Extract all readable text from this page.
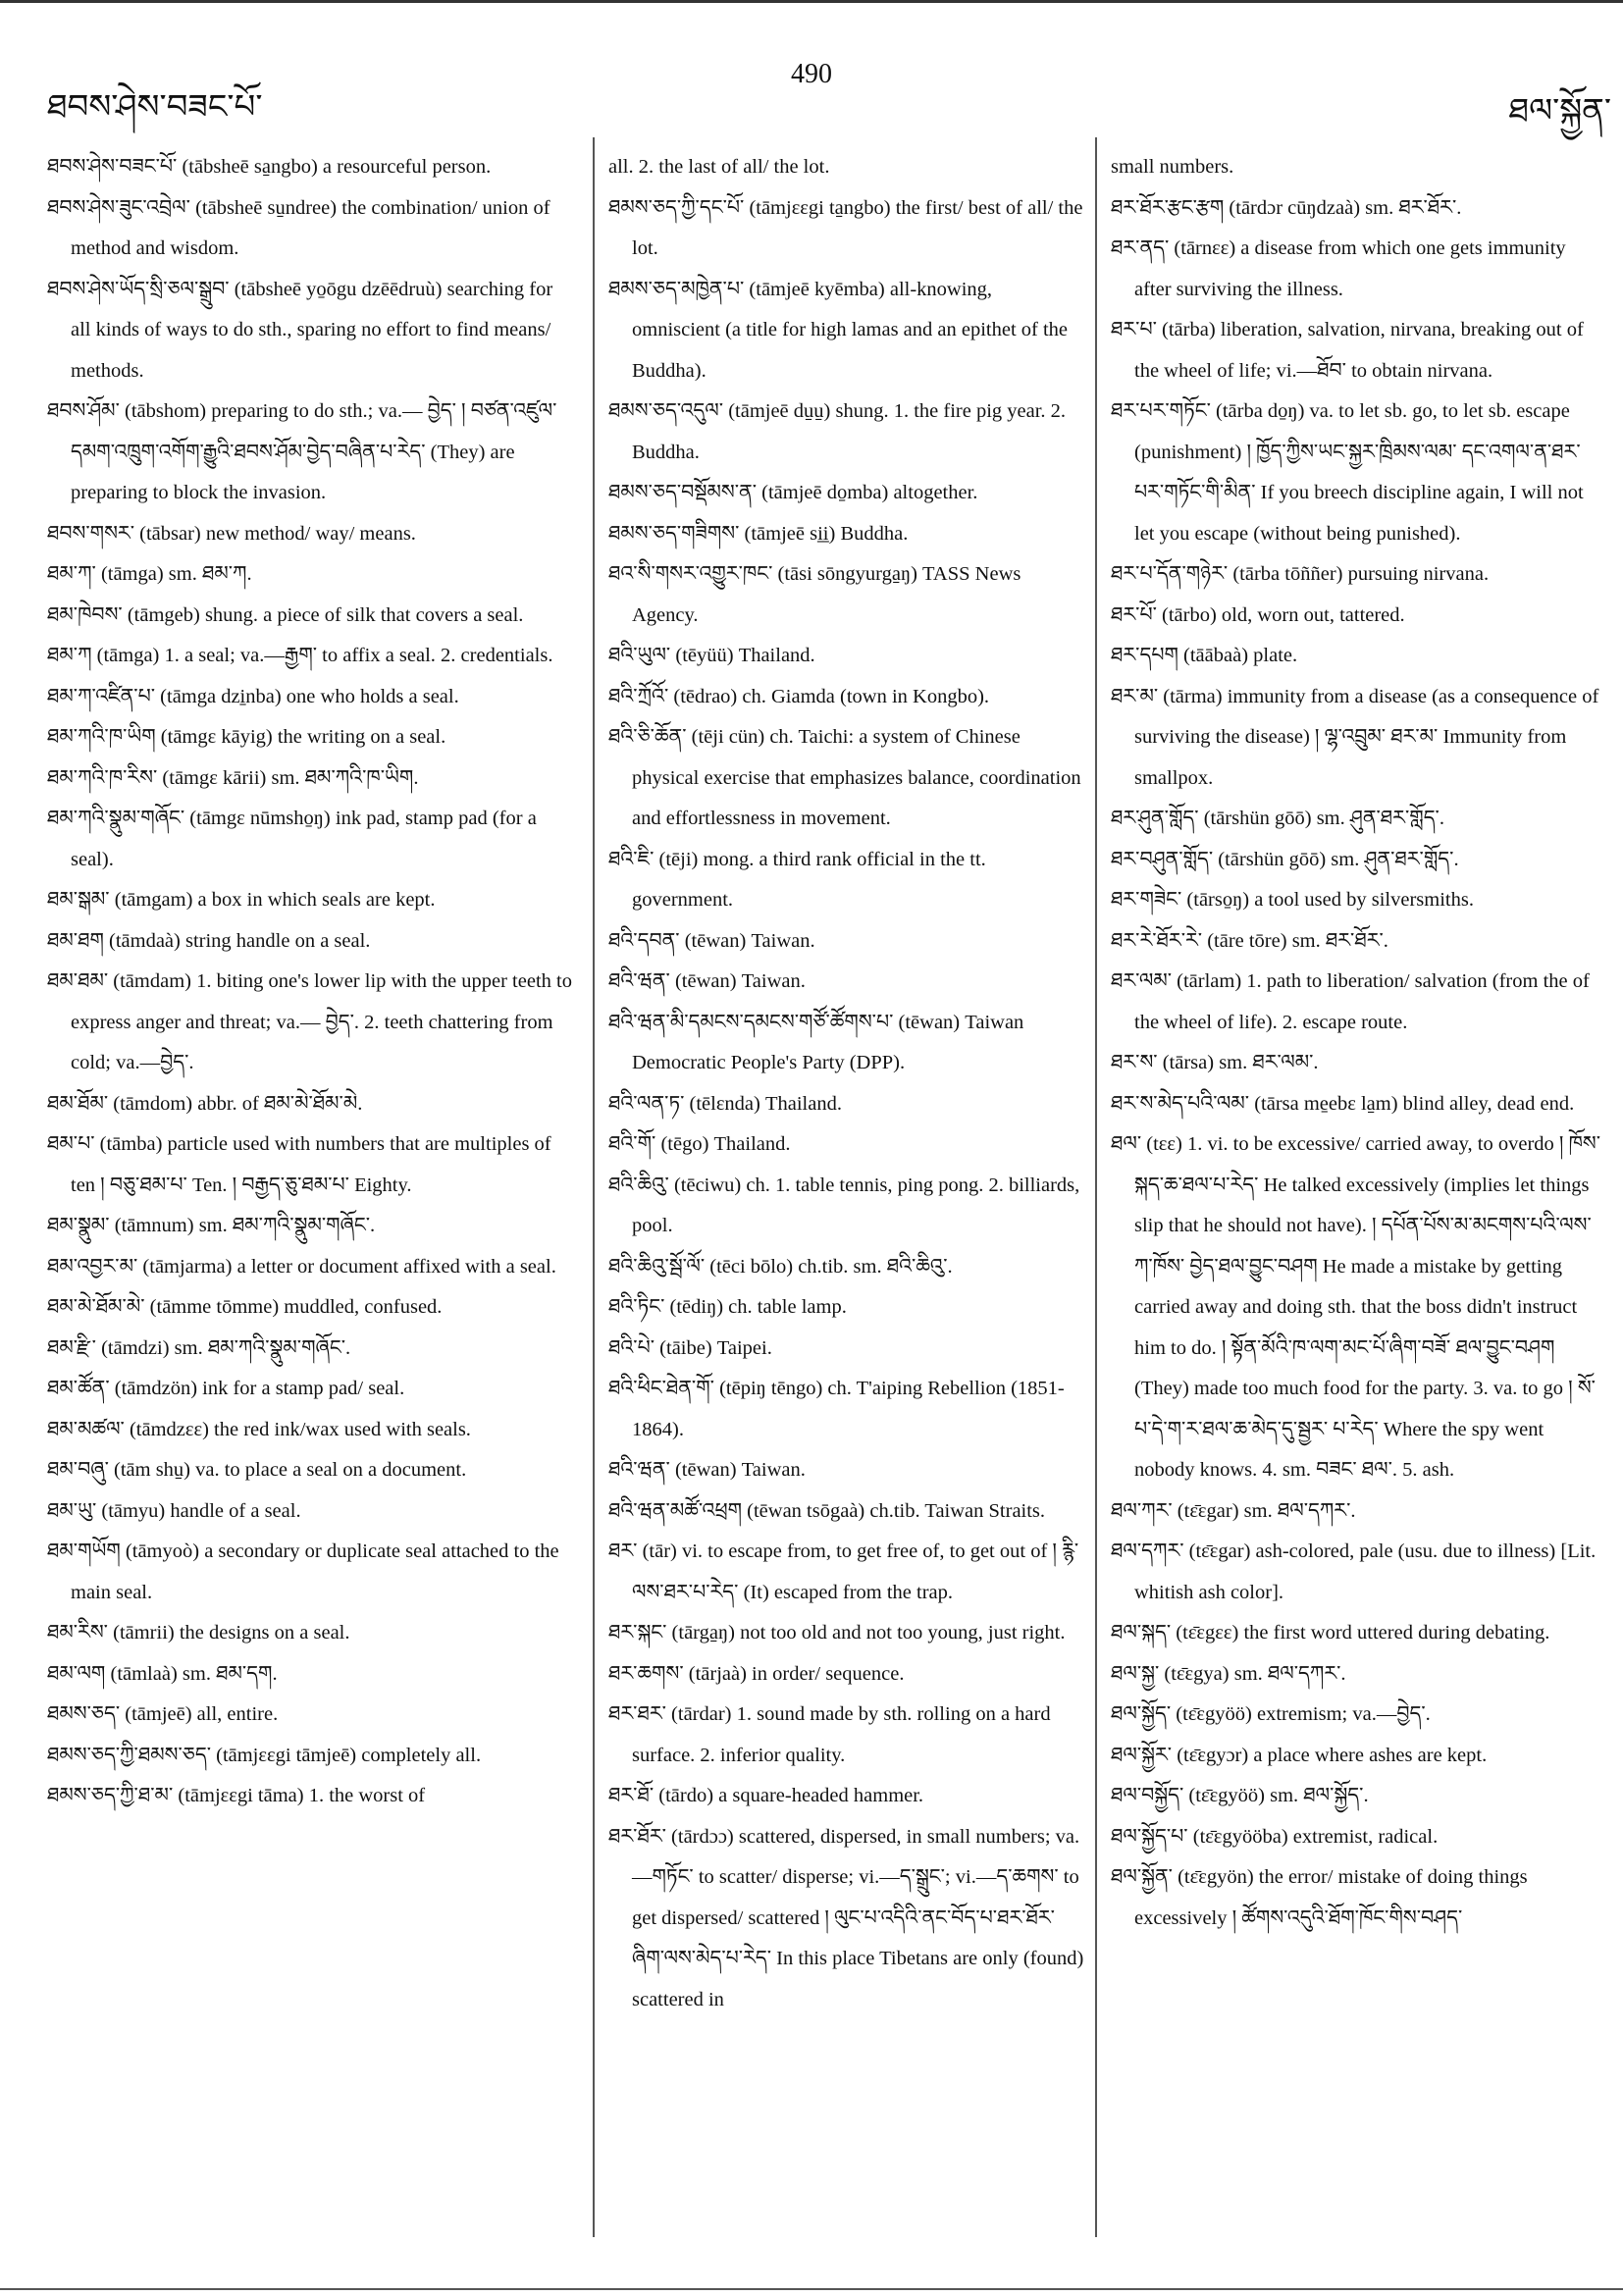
ཐབས་ཤེས་བཟང་པོ་
490
ཐལ་སྐྱོན་

ཐབས་ཤེས་བཟང་པོ་ (tābsheē sa̱ngbo) a resourceful person.

ཐབས་ཤེས་ཟུང་འབྲེལ་ (tābsheē su̱ndree) the combination/ union of method and wisdom.

ཐབས་ཤེས་ཡོད་སྲི་ཅལ་སྒྲུབ་ (tābsheē yo̱ōgu dzēēdruù) searching for all kinds of ways to do sth., sparing no effort to find means/ methods.

ཐབས་ཤོམ་ (tābshom) preparing to do sth.; va.— བྱེད་ ། བཙན་འཛུལ་དམག་འཁྲུག་འགོག་རྒྱུའི་ཐབས་ཤོམ་བྱེད་བཞིན་པ་རེད་ (They) are preparing to block the invasion.

ཐབས་གསར་ (tābsar) new method/ way/ means.

ཐམ་ཀ་ (tāmga) sm. ཐམ་ཀ.

ཐམ་ཁེབས་ (tāmgeb) shung. a piece of silk that covers a seal.

ཐམ་ཀ (tāmga) 1. a seal; va.—རྒྱག་ to affix a seal. 2. credentials.

ཐམ་ཀ་འཛིན་པ་ (tāmga dzi̱nba) one who holds a seal.

ཐམ་ཀའི་ཁ་ཡིག (tāmgɛ kāyig) the writing on a seal.

ཐམ་ཀའི་ཁ་རིས་ (tāmgɛ kārii) sm. ཐམ་ཀའི་ཁ་ཡིག.

ཐམ་ཀའི་སྣུམ་གཞོང་ (tāmgɛ nūmsho̱ŋ) ink pad, stamp pad (for a seal).

ཐམ་སྒམ་ (tāmgam) a box in which seals are kept.

ཐམ་ཐག (tāmdaà) string handle on a seal.

ཐམ་ཐམ་ (tāmdam) 1. biting one's lower lip with the upper teeth to express anger and threat; va.— བྱེད་. 2. teeth chattering from cold; va.—བྱེད་.

ཐམ་ཐོམ་ (tāmdom) abbr. of ཐམ་མེ་ཐོམ་མེ.

ཐམ་པ་ (tāmba) particle used with numbers that are multiples of ten ། བཅུ་ཐམ་པ་ Ten. ། བརྒྱད་ཅུ་ཐམ་པ་ Eighty.

ཐམ་སྣུམ་ (tāmnum) sm. ཐམ་ཀའི་སྣུམ་གཞོང་.

ཐམ་འབྱར་མ་ (tāmjarma) a letter or document affixed with a seal.

ཐམ་མེ་ཐོམ་མེ་ (tāmme tōmme) muddled, confused.

ཐམ་རྫི་ (tāmdzi) sm. ཐམ་ཀའི་སྣུམ་གཞོང་.

ཐམ་ཚོན་ (tāmdzön) ink for a stamp pad/ seal.

ཐམ་མཚལ་ (tāmdzɛɛ) the red ink/wax used with seals.

ཐམ་བཞུ་ (tām shu̱) va. to place a seal on a document.

ཐམ་ཡུ་ (tāmyu) handle of a seal.

ཐམ་གཡོག (tāmyoò) a secondary or duplicate seal attached to the main seal.

ཐམ་རིས་ (tāmrii) the designs on a seal.

ཐམ་ལག (tāmlaà) sm. ཐམ་དག.

ཐམས་ཅད་ (tāmjeē) all, entire.

ཐམས་ཅད་ཀྱི་ཐམས་ཅད་ (tāmjɛɛgi tāmjeē) completely all.

ཐམས་ཅད་ཀྱི་ཐ་མ་ (tāmjɛɛgi tāma) 1. the worst of

all. 2. the last of all/ the lot.

ཐམས་ཅད་ཀྱི་དང་པོ་ (tāmjɛɛgi ta̱ngbo) the first/ best of all/ the lot.

ཐམས་ཅད་མཁྱེན་པ་ (tāmjeē kyēmba) all-knowing, omniscient (a title for high lamas and an epithet of the Buddha).

ཐམས་ཅད་འདུལ་ (tāmjeē du̱u̱) shung. 1. the fire pig year. 2. Buddha.

ཐམས་ཅད་བསྡོམས་ན་ (tāmjeē do̱mba) altogether.

ཐམས་ཅད་གཟིགས་ (tāmjeē si̱i̱) Buddha.

ཐའ་སི་གསར་འགྱུར་ཁང་ (tāsi sōngyurga̱ŋ) TASS News Agency.

ཐའི་ཡུལ་ (tēyüü) Thailand.

ཐའི་ཀྲོའོ་ (tēdrao) ch. Giamda (town in Kongbo).

ཐའི་ཅི་ཆོན་ (tēji cün) ch. Taichi: a system of Chinese physical exercise that emphasizes balance, coordination and effortlessness in movement.

ཐའི་ཇི་ (tēji) mong. a third rank official in the tt. government.

ཐའི་དབན་ (tēwan) Taiwan.

ཐའི་ཝན་ (tēwan) Taiwan.

ཐའི་ཝན་མི་དམངས་དམངས་གཙོ་ཚོགས་པ་ (tēwan) Taiwan Democratic People's Party (DPP).

ཐའི་ལན་ཏ་ (tēlɛnda) Thailand.

ཐའི་གོ་ (tēgo) Thailand.

ཐའི་ཆིའུ་ (tēciwu) ch. 1. table tennis, ping pong. 2. billiards, pool.

ཐའི་ཆིའུ་སྦོ་ལོ་ (tēci bōlo) ch.tib. sm. ཐའི་ཆིའུ་.

ཐའི་ཏིང་ (tēdiŋ) ch. table lamp.

ཐའི་པེ་ (tāibe) Taipei.

ཐའི་ཕིང་ཐེན་གོ་ (tēpiŋ tēngo) ch. T'aiping Rebellion (1851-1864).

ཐའི་ཝན་ (tēwan) Taiwan.

ཐའི་ཝན་མཚོ་འཕྲག (tēwan tsōgaà) ch.tib. Taiwan Straits.

ཐར་ (tār) vi. to escape from, to get free of, to get out of ། རྙི་ལས་ཐར་པ་རེད་ (It) escaped from the trap.

ཐར་སྐང་ (tārga̱ŋ) not too old and not too young, just right.

ཐར་ཆགས་ (tārjaà) in order/ sequence.

ཐར་ཐར་ (tārdar) 1. sound made by sth. rolling on a hard surface. 2. inferior quality.

ཐར་ཐོ་ (tārdo) a square-headed hammer.

ཐར་ཐོར་ (tārdɔɔ) scattered, dispersed, in small numbers; va.—གཏོང་ to scatter/ disperse; vi.—ད་སྒྲུང་; vi.—ད་ཆགས་ to get dispersed/ scattered ། ལུང་པ་འདིའི་ནང་བོད་པ་ཐར་ཐོར་ཞིག་ལས་མེད་པ་རེད་ In this place Tibetans are only (found) scattered in

small numbers.

ཐར་ཐོར་རྩང་རྩག (tārdɔr cūŋdzaà) sm. ཐར་ཐོར་.

ཐར་ནད་ (tārnɛɛ) a disease from which one gets immunity after surviving the illness.

ཐར་པ་ (tārba) liberation, salvation, nirvana, breaking out of the wheel of life; vi.—ཐོབ་ to obtain nirvana.

ཐར་པར་གཏོང་ (tārba do̱ŋ) va. to let sb. go, to let sb. escape (punishment) ། ཁྱོད་ཀྱིས་ཡང་སྐྱར་ཁྲིམས་ལམ་ དང་འགལ་ན་ཐར་པར་གཏོང་གི་མིན་ If you breech discipline again, I will not let you escape (without being punished).

ཐར་པ་དོན་གཉེར་ (tārba tōññer) pursuing nirvana.

ཐར་པོ་ (tārbo) old, worn out, tattered.

ཐར་དཔག (tāābaà) plate.

ཐར་མ་ (tārma) immunity from a disease (as a consequence of surviving the disease) ། ལྷ་འབྲུམ་ ཐར་མ་ Immunity from smallpox.

ཐར་ཤུན་གློད་ (tārshün gōō) sm. ཤུན་ཐར་གློད་.

ཐར་བཤུན་གློད་ (tārshün gōō) sm. ཤུན་ཐར་གློད་.

ཐར་གཟེང་ (tārso̱ŋ) a tool used by silversmiths.

ཐར་རེ་ཐོར་རེ་ (tāre tōre) sm. ཐར་ཐོར་.

ཐར་ལམ་ (tārlam) 1. path to liberation/ salvation (from the of the wheel of life). 2. escape route.

ཐར་ས་ (tārsa) sm. ཐར་ལམ་.

ཐར་ས་མེད་པའི་ལམ་ (tārsa me̱ebɛ la̱m) blind alley, dead end.

ཐལ་ (tɛɛ) 1. vi. to be excessive/ carried away, to overdo ། ཁོས་སྐད་ཆ་ཐལ་པ་རེད་ He talked excessively (implies let things slip that he should not have). ། དཔོན་པོས་མ་མངགས་པའི་ལས་ཀ་ཁོས་ བྱེད་ཐལ་བྱུང་བཤག He made a mistake by getting carried away and doing sth. that the boss didn't instruct him to do. ། སྟོན་མོའི་ཁ་ལག་མང་པོ་ཞིག་བཟོ་ ཐལ་བྱུང་བཤག (They) made too much food for the party. 3. va. to go ། སོ་པ་དེ་ག་ར་ཐལ་ཆ་མེད་དུ་སྦྱར་ པ་རེད་ Where the spy went nobody knows. 4. sm. བཟང་ ཐལ་. 5. ash.

ཐལ་ཀར་ (tɛ̄ɛgar) sm. ཐལ་དཀར་.

ཐལ་དཀར་ (tɛ̄ɛgar) ash-colored, pale (usu. due to illness) [Lit. whitish ash color].

ཐལ་སྐད་ (tɛ̄ɛgɛɛ) the first word uttered during debating.

ཐལ་སྐྱ་ (tɛ̄ɛgya) sm. ཐལ་དཀར་.

ཐལ་སྐྱོད་ (tɛ̄ɛgyöö) extremism; va.—བྱེད་.

ཐལ་སྐྱོར་ (tɛ̄ɛgyɔr) a place where ashes are kept.

ཐལ་བསྐྱོད་ (tɛ̄ɛgyöö) sm. ཐལ་སྐྱོད་.

ཐལ་སྐྱོད་པ་ (tɛ̄ɛgyööba) extremist, radical.

ཐལ་སྐྱོན་ (tɛ̄ɛgyön) the error/ mistake of doing things excessively ། ཚོགས་འདུའི་ཐོག་ཁོང་གིས་བཤད་
